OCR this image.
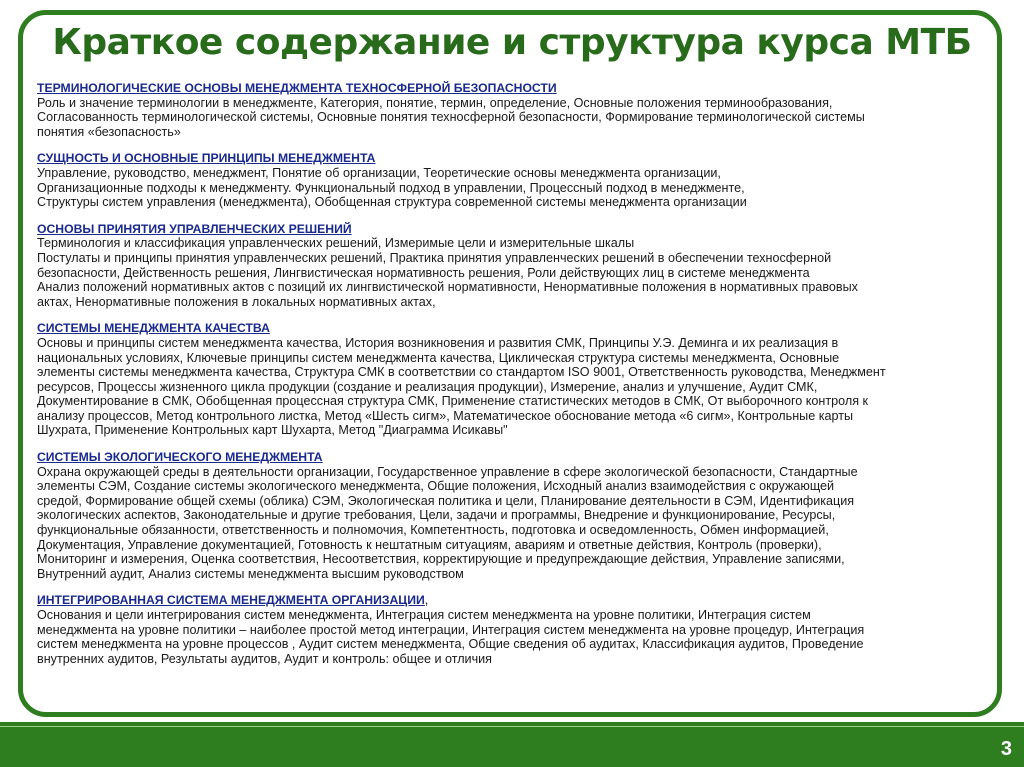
Краткое содержание и структура курса МТБ
ТЕРМИНОЛОГИЧЕСКИЕ ОСНОВЫ МЕНЕДЖМЕНТА ТЕХНОСФЕРНОЙ БЕЗОПАСНОСТИ
Роль и значение терминологии в менеджменте, Категория, понятие, термин, определение, Основные положения терминообразования,
Согласованность терминологической системы, Основные понятия техносферной безопасности, Формирование терминологической системы
понятия «безопасность»
СУЩНОСТЬ И ОСНОВНЫЕ ПРИНЦИПЫ МЕНЕДЖМЕНТА
Управление, руководство, менеджмент, Понятие об организации, Теоретические основы менеджмента организации,
Организационные подходы к менеджменту. Функциональный подход в управлении, Процессный подход в менеджменте,
Структуры систем управления (менеджмента), Обобщенная структура современной системы менеджмента организации
ОСНОВЫ ПРИНЯТИЯ УПРАВЛЕНЧЕСКИХ РЕШЕНИЙ
Терминология и классификация управленческих решений, Измеримые цели и измерительные шкалы
Постулаты и принципы принятия управленческих решений, Практика принятия управленческих решений в обеспечении техносферной
безопасности, Действенность решения, Лингвистическая нормативность решения, Роли действующих лиц в системе менеджмента
Анализ положений нормативных актов с позиций их лингвистической нормативности, Ненормативные положения в нормативных правовых
актах, Ненормативные положения в локальных нормативных актах,
СИСТЕМЫ МЕНЕДЖМЕНТА КАЧЕСТВА
Основы и принципы систем менеджмента качества, История возникновения и развития СМК, Принципы У.Э. Деминга и их реализация в
национальных условиях, Ключевые принципы систем менеджмента качества, Циклическая структура системы менеджмента, Основные
элементы системы менеджмента качества, Структура СМК в соответствии со стандартом ISO 9001, Ответственность руководства, Менеджмент
ресурсов, Процессы жизненного цикла продукции (создание и реализация продукции), Измерение, анализ и улучшение, Аудит СМК,
Документирование в СМК, Обобщенная процессная структура СМК, Применение статистических методов в СМК, От выборочного контроля к
анализу процессов, Метод контрольного листка, Метод «Шесть сигм», Математическое обоснование метода «6 сигм», Контрольные карты
Шухрата, Применение Контрольных карт Шухарта, Метод "Диаграмма Исикавы"
СИСТЕМЫ ЭКОЛОГИЧЕСКОГО МЕНЕДЖМЕНТА
Охрана окружающей среды в деятельности организации, Государственное управление в сфере экологической безопасности, Стандартные
элементы СЭМ, Создание системы экологического менеджмента, Общие положения, Исходный анализ взаимодействия с окружающей
средой, Формирование общей схемы (облика) СЭМ, Экологическая политика и цели, Планирование деятельности в СЭМ, Идентификация
экологических аспектов, Законодательные и другие требования, Цели, задачи и программы, Внедрение и функционирование, Ресурсы,
функциональные обязанности, ответственность и полномочия, Компетентность, подготовка и осведомленность, Обмен информацией,
Документация, Управление документацией, Готовность к нештатным ситуациям, авариям и ответные действия, Контроль (проверки),
Мониторинг и измерения, Оценка соответствия, Несоответствия, корректирующие и предупреждающие действия, Управление записями,
Внутренний аудит, Анализ системы менеджмента высшим руководством
ИНТЕГРИРОВАННАЯ СИСТЕМА МЕНЕДЖМЕНТА ОРГАНИЗАЦИИ,
Основания и цели интегрирования систем менеджмента, Интеграция систем менеджмента на уровне политики, Интеграция систем
менеджмента на уровне политики – наиболее простой метод интеграции, Интеграция систем менеджмента на уровне процедур, Интеграция
систем менеджмента на уровне процессов , Аудит систем менеджмента, Общие сведения об аудитах, Классификация аудитов, Проведение
внутренних аудитов, Результаты аудитов, Аудит и контроль: общее и отличия
3
